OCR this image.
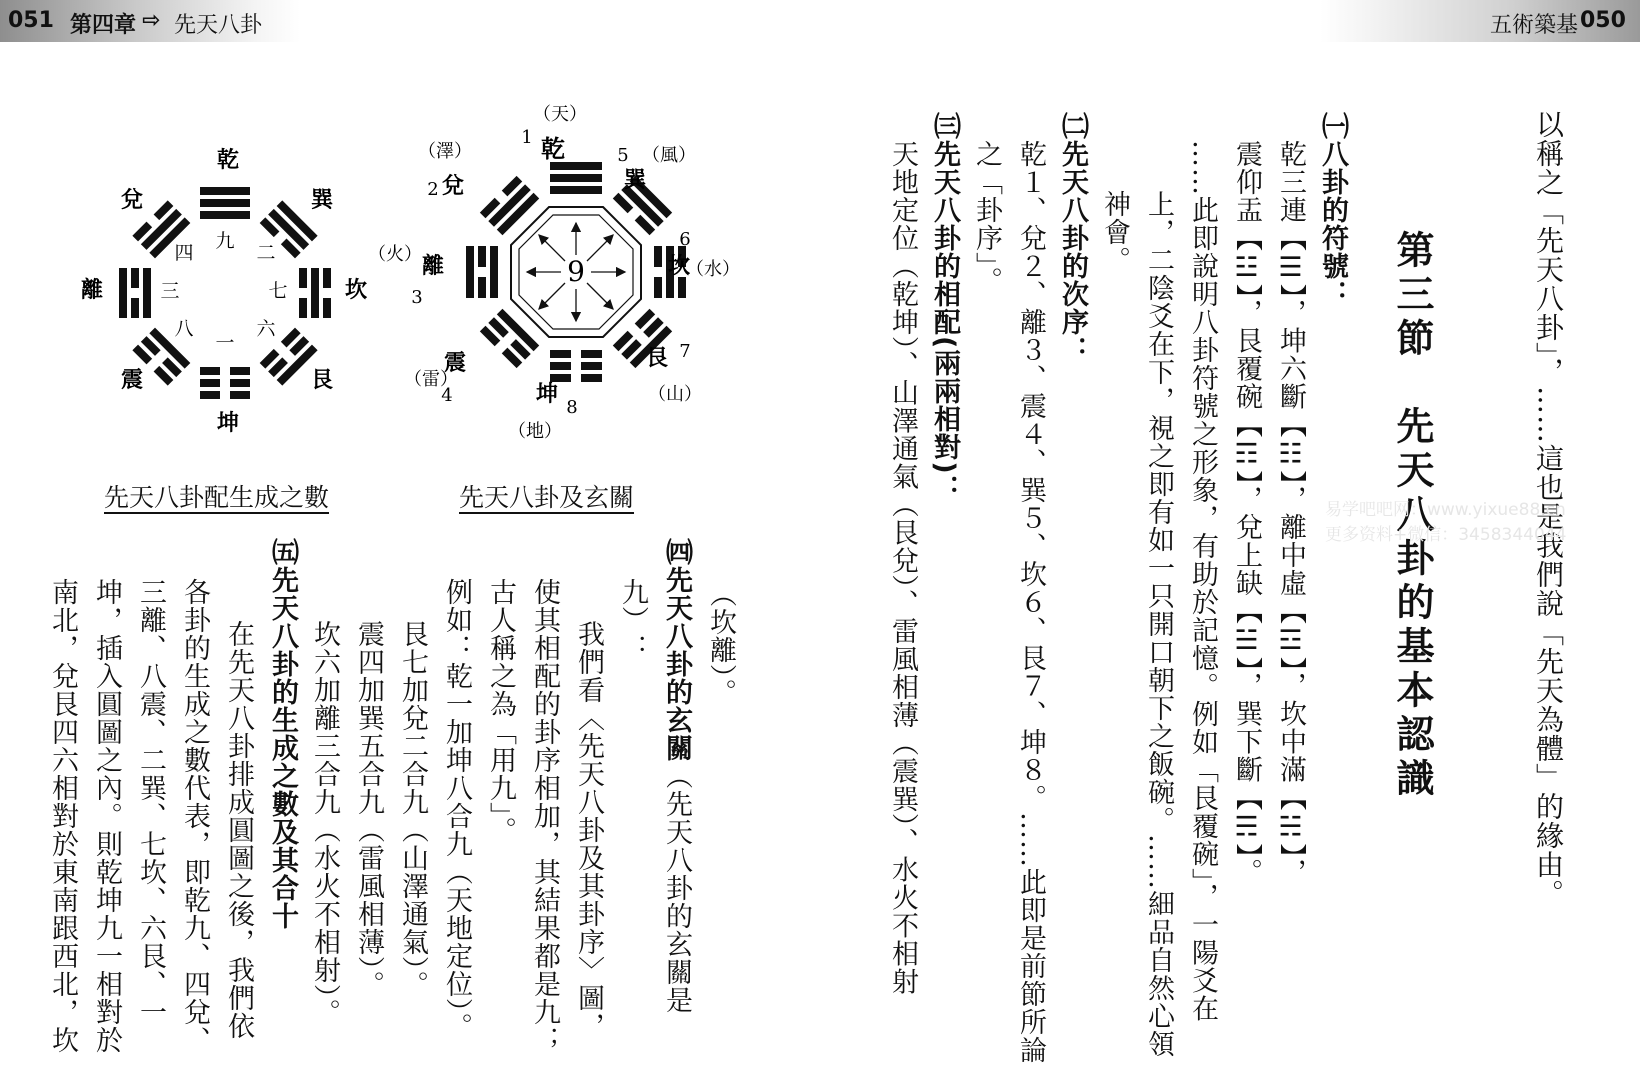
051 第四章 ⇨ 先天八卦	五術築基 050
以稱之「先天八卦」，……這也是我們說「先天為體」的緣由。
第三節　先天八卦的基本認識
㈠八卦的符號：
乾三連【☰】，坤六斷【☷】，離中虛【☲】，坎中滿【☵】，
震仰盂【☳】，艮覆碗【☶】，兌上缺【☱】，巽下斷【☴】。
……此即說明八卦符號之形象，有助於記憶。例如「艮覆碗」，一陽爻在
上，二陰爻在下，視之即有如一只開口朝下之飯碗。……細品自然心領
神會。
㈡先天八卦的次序：
乾１、兌２、離３、震４、巽５、坎６、艮７、坤８。……此即是前節所論
之「卦序」。
㈢先天八卦的相配(兩兩相對)：
天地定位（乾坤）、山澤通氣（艮兌）、雷風相薄（震巽）、水火不相射	易学吧吧网：www.yixue88.cn
更多资料+微信：3458344044
（坎離）。
㈣先天八卦的玄關（先天八卦的玄關是
九）：
我們看〈先天八卦及其卦序〉圖，
使其相配的卦序相加，其結果都是九；
古人稱之為「用九」。
例如：乾一加坤八合九（天地定位）。
艮七加兌二合九（山澤通氣）。
震四加巽五合九（雷風相薄）。
坎六加離三合九（水火不相射）。
㈤先天八卦的生成之數及其合十
在先天八卦排成圓圖之後，我們依
各卦的生成之數代表，即乾九、四兌、
三離、八震、二巽、七坎、六艮、一
坤，插入圓圖之內。則乾坤九一相對於
南北，兌艮四六相對於東南跟西北，坎
9
（天）
乾
1
（澤）
兌
2
（火） 離
3
（雷）
震
4
（地）
坤
8
（山）
艮 7
（水）
坎
6
（風）
巽
5
先天八卦及玄關
乾
巽
坎
艮
坤
震
離
兌
九
二
七
六
一
八
三
四
先天八卦配生成之數
